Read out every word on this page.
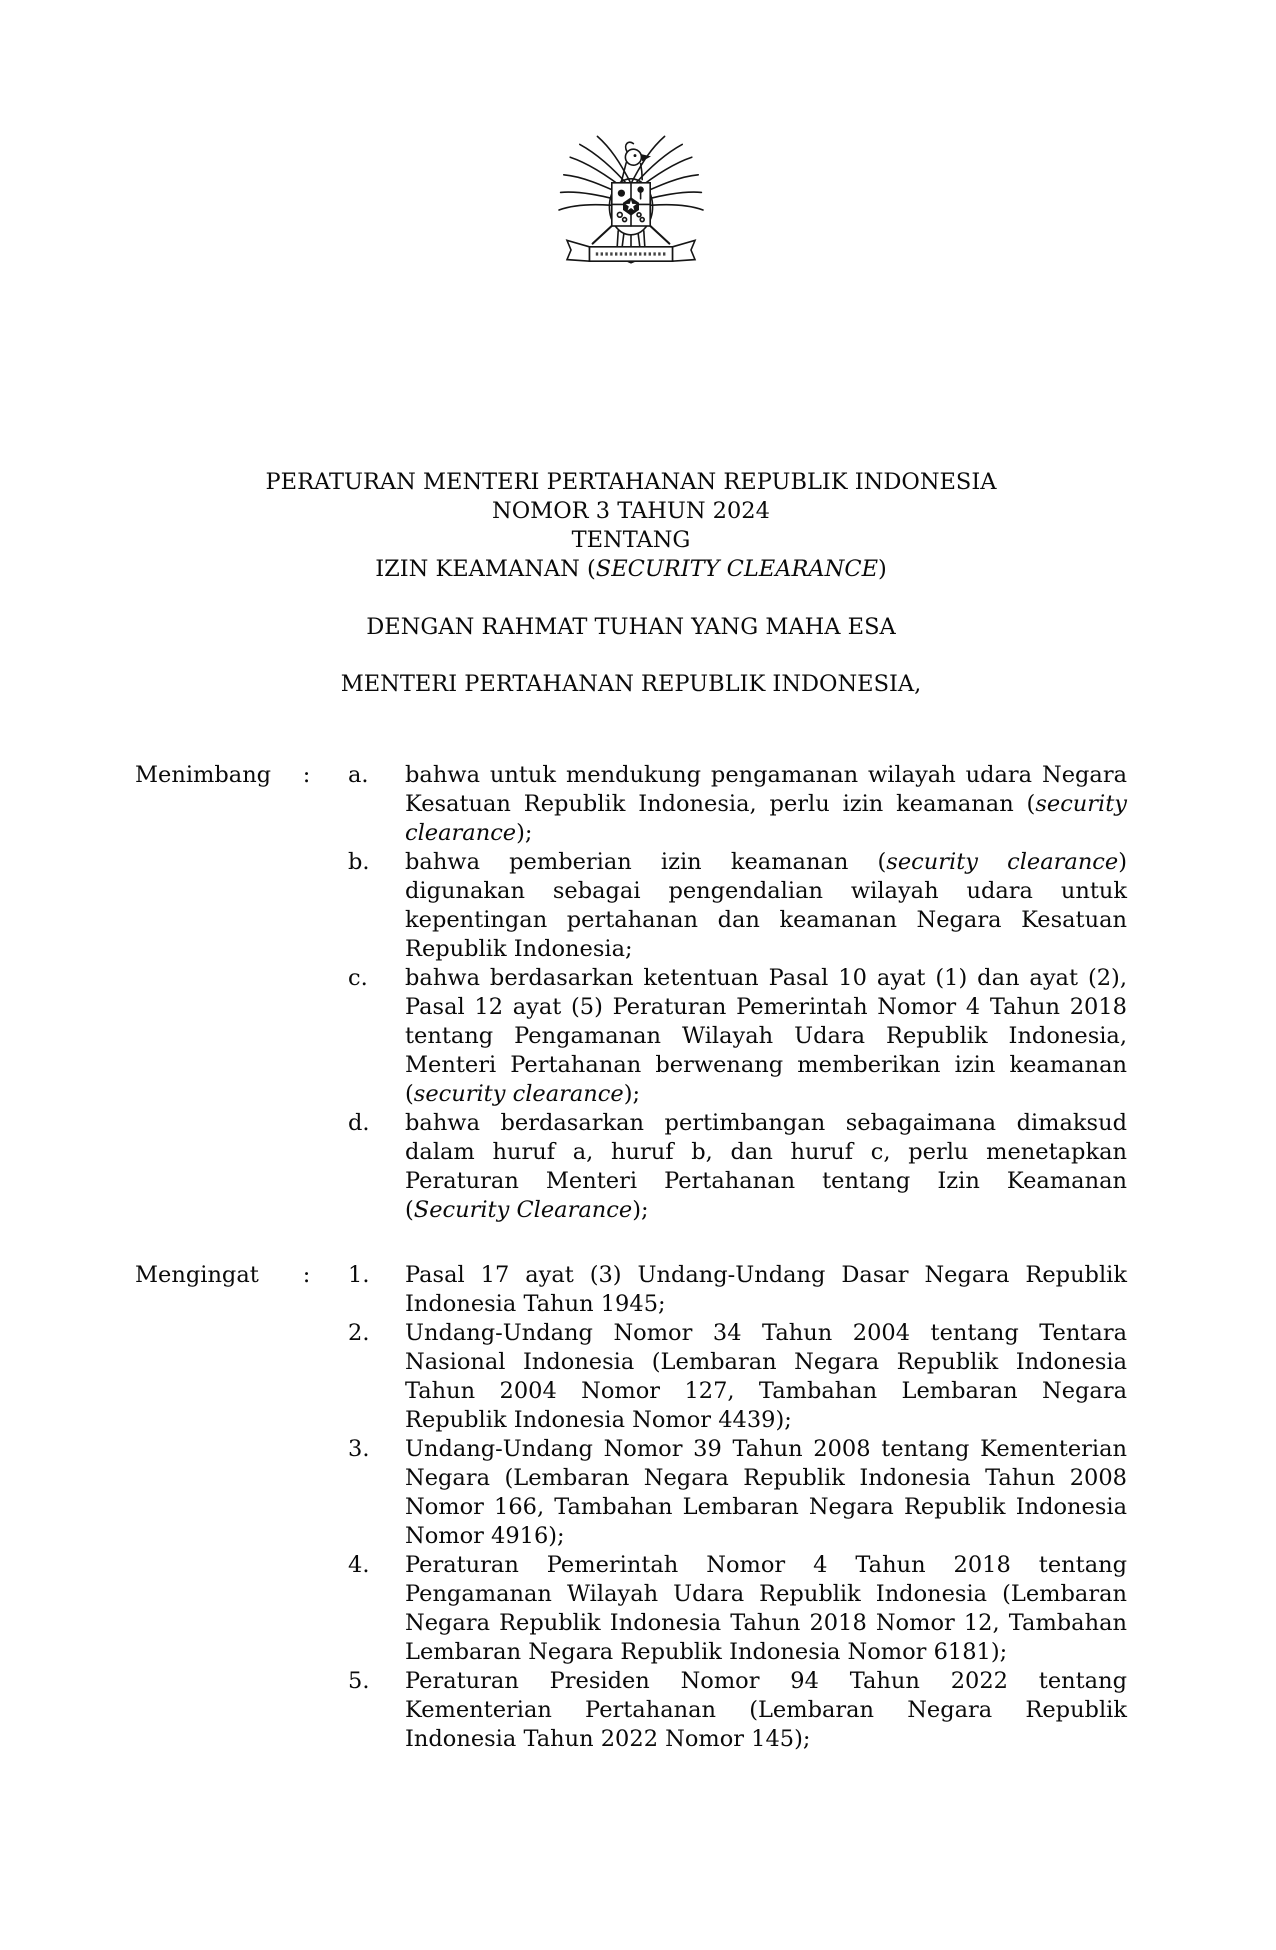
PERATURAN MENTERI PERTAHANAN REPUBLIK INDONESIA
NOMOR 3 TAHUN 2024
TENTANG
IZIN KEAMANAN (SECURITY CLEARANCE)
DENGAN RAHMAT TUHAN YANG MAHA ESA
MENTERI PERTAHANAN REPUBLIK INDONESIA,
Menimbang	:	a.	bahwa untuk mendukung pengamanan wilayah udara Negara Kesatuan Republik Indonesia, perlu izin keamanan (security clearance);

b.	bahwa pemberian izin keamanan (security clearance) digunakan sebagai pengendalian wilayah udara untuk kepentingan pertahanan dan keamanan Negara Kesatuan Republik Indonesia;

c.	bahwa berdasarkan ketentuan Pasal 10 ayat (1) dan ayat (2), Pasal 12 ayat (5) Peraturan Pemerintah Nomor 4 Tahun 2018 tentang Pengamanan Wilayah Udara Republik Indonesia, Menteri Pertahanan berwenang memberikan izin keamanan (security clearance);

d.	bahwa berdasarkan pertimbangan sebagaimana dimaksud dalam huruf a, huruf b, dan huruf c, perlu menetapkan Peraturan Menteri Pertahanan tentang Izin Keamanan (Security Clearance);

Mengingat	:	1.	Pasal 17 ayat (3) Undang-Undang Dasar Negara Republik Indonesia Tahun 1945;

2.	Undang-Undang Nomor 34 Tahun 2004 tentang Tentara Nasional Indonesia (Lembaran Negara Republik Indonesia Tahun 2004 Nomor 127, Tambahan Lembaran Negara Republik Indonesia Nomor 4439);

3.	Undang-Undang Nomor 39 Tahun 2008 tentang Kementerian Negara (Lembaran Negara Republik Indonesia Tahun 2008 Nomor 166, Tambahan Lembaran Negara Republik Indonesia Nomor 4916);

4.	Peraturan Pemerintah Nomor 4 Tahun 2018 tentang Pengamanan Wilayah Udara Republik Indonesia (Lembaran Negara Republik Indonesia Tahun 2018 Nomor 12, Tambahan Lembaran Negara Republik Indonesia Nomor 6181);

5.	Peraturan Presiden Nomor 94 Tahun 2022 tentang Kementerian Pertahanan (Lembaran Negara Republik Indonesia Tahun 2022 Nomor 145);
